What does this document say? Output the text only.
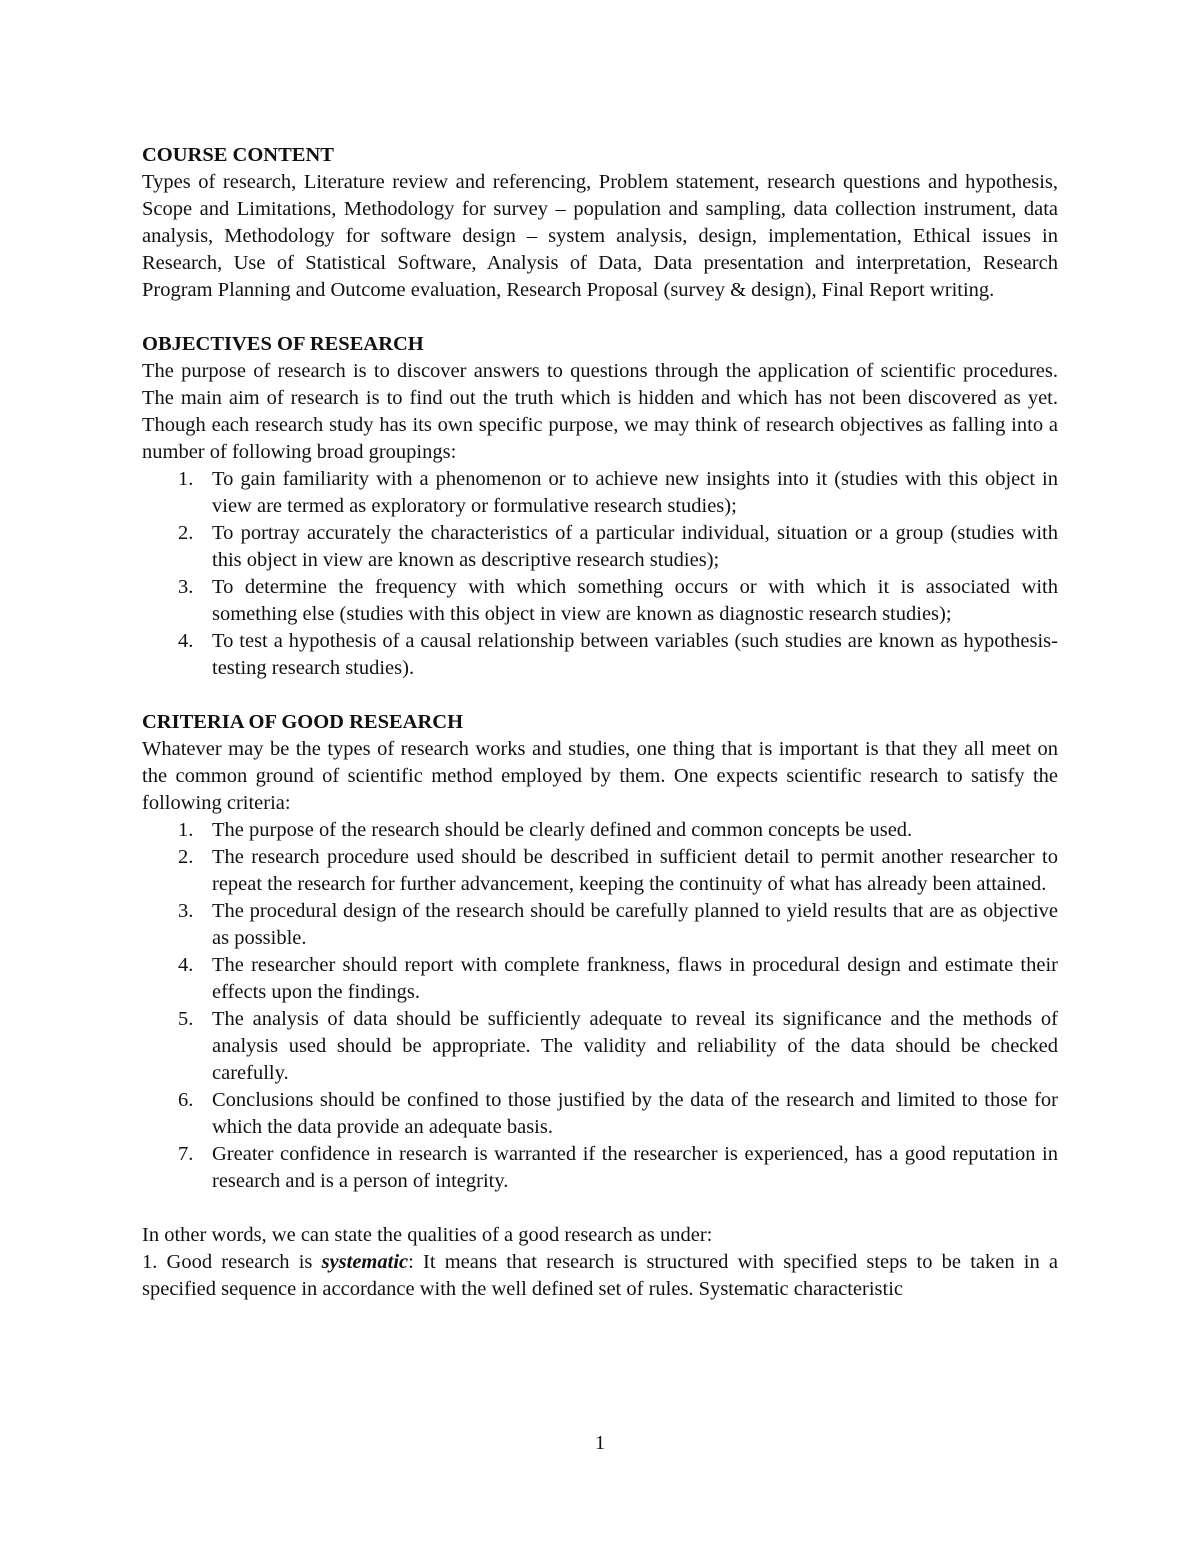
COURSE CONTENT

Types of research, Literature review and referencing, Problem statement, research questions and hypothesis, Scope and Limitations, Methodology for survey – population and sampling, data collection instrument, data analysis, Methodology for software design – system analysis, design, implementation, Ethical issues in Research, Use of Statistical Software, Analysis of Data, Data presentation and interpretation, Research Program Planning and Outcome evaluation, Research Proposal (survey & design), Final Report writing.

OBJECTIVES OF RESEARCH

The purpose of research is to discover answers to questions through the application of scientific procedures. The main aim of research is to find out the truth which is hidden and which has not been discovered as yet. Though each research study has its own specific purpose, we may think of research objectives as falling into a number of following broad groupings:

1. To gain familiarity with a phenomenon or to achieve new insights into it (studies with this object in view are termed as exploratory or formulative research studies);
2. To portray accurately the characteristics of a particular individual, situation or a group (studies with this object in view are known as descriptive research studies);
3. To determine the frequency with which something occurs or with which it is associated with something else (studies with this object in view are known as diagnostic research studies);
4. To test a hypothesis of a causal relationship between variables (such studies are known as hypothesis-testing research studies).
CRITERIA OF GOOD RESEARCH

Whatever may be the types of research works and studies, one thing that is important is that they all meet on the common ground of scientific method employed by them. One expects scientific research to satisfy the following criteria:

1. The purpose of the research should be clearly defined and common concepts be used.
2. The research procedure used should be described in sufficient detail to permit another researcher to repeat the research for further advancement, keeping the continuity of what has already been attained.
3. The procedural design of the research should be carefully planned to yield results that are as objective as possible.
4. The researcher should report with complete frankness, flaws in procedural design and estimate their effects upon the findings.
5. The analysis of data should be sufficiently adequate to reveal its significance and the methods of analysis used should be appropriate. The validity and reliability of the data should be checked carefully.
6. Conclusions should be confined to those justified by the data of the research and limited to those for which the data provide an adequate basis.
7. Greater confidence in research is warranted if the researcher is experienced, has a good reputation in research and is a person of integrity.

In other words, we can state the qualities of a good research as under:

1. Good research is systematic: It means that research is structured with specified steps to be taken in a specified sequence in accordance with the well defined set of rules. Systematic characteristic

1
